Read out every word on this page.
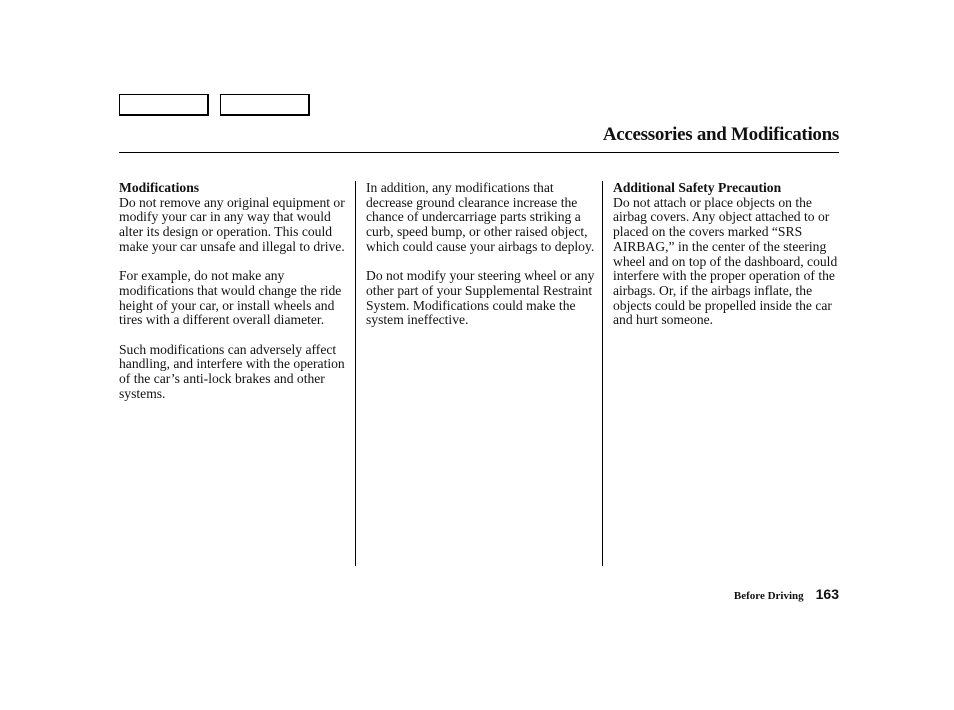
Accessories and Modifications
Modifications

Do not remove any original equipment or modify your car in any way that would alter its design or operation. This could make your car unsafe and illegal to drive.

For example, do not make any modifications that would change the ride height of your car, or install wheels and tires with a different overall diameter.

Such modifications can adversely affect handling, and interfere with the operation of the car’s anti-lock brakes and other systems.

In addition, any modifications that decrease ground clearance increase the chance of undercarriage parts striking a curb, speed bump, or other raised object, which could cause your airbags to deploy.

Do not modify your steering wheel or any other part of your Supplemental Restraint System. Modifications could make the system ineffective.

Additional Safety Precaution

Do not attach or place objects on the airbag covers. Any object attached to or placed on the covers marked “SRS AIRBAG,” in the center of the steering wheel and on top of the dashboard, could interfere with the proper operation of the airbags. Or, if the airbags inflate, the objects could be propelled inside the car and hurt someone.

Before Driving 163
